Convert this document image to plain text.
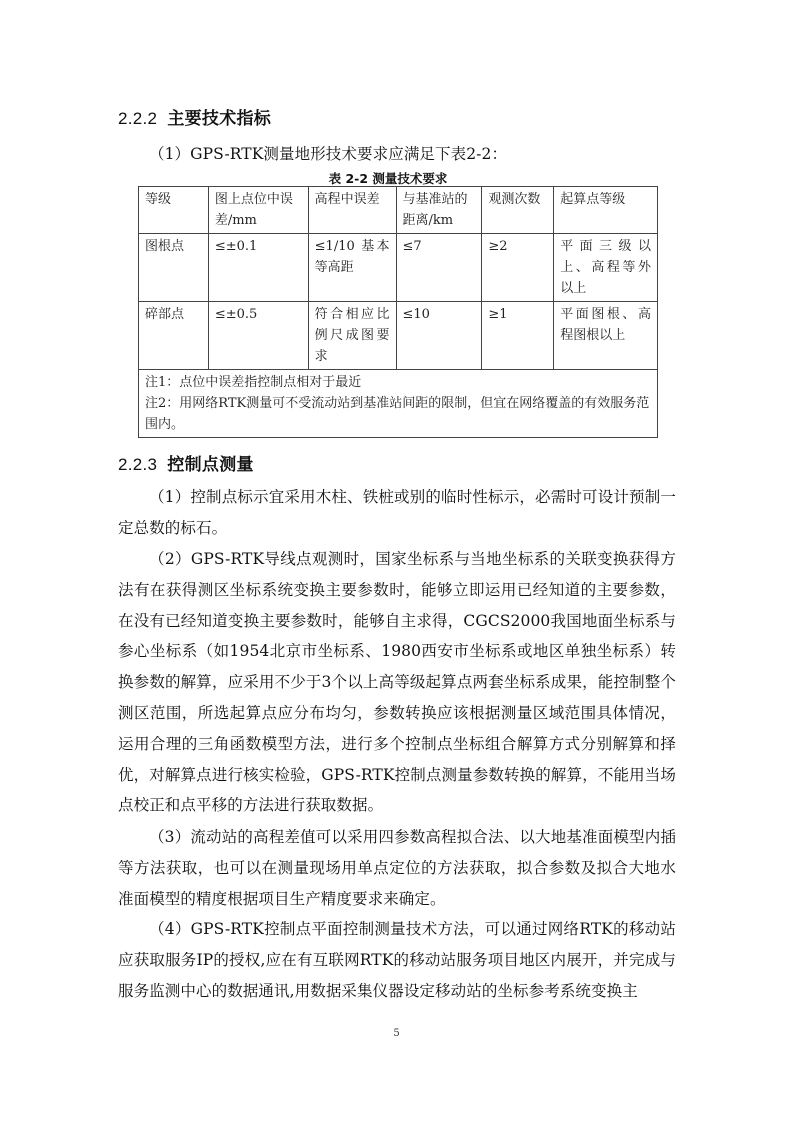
2.2.2 主要技术指标

（1）GPS-RTK测量地形技术要求应满足下表2-2：

表 2-2 测量技术要求
等级	图上点位中误差/mm	高程中误差	与基准站的距离/km	观测次数	起算点等级
图根点	≤±0.1	≤1/10 基本等高距	≤7	≥2	平面三级以上、高程等外以上
碎部点	≤±0.5	符合相应比例尺成图要求	≤10	≥1	平面图根、高程图根以上

注1：点位中误差指控制点相对于最近
注2：用网络RTK测量可不受流动站到基准站间距的限制，但宜在网络覆盖的有效服务范围内。					
2.2.3 控制点测量

（1）控制点标示宜采用木柱、铁桩或别的临时性标示，必需时可设计预制一定总数的标石。

（2）GPS-RTK导线点观测时，国家坐标系与当地坐标系的关联变换获得方法有在获得测区坐标系统变换主要参数时，能够立即运用已经知道的主要参数，在没有已经知道变换主要参数时，能够自主求得，CGCS2000我国地面坐标系与参心坐标系（如1954北京市坐标系、1980西安市坐标系或地区单独坐标系）转换参数的解算，应采用不少于3个以上高等级起算点两套坐标系成果，能控制整个测区范围，所选起算点应分布均匀，参数转换应该根据测量区域范围具体情况，运用合理的三角函数模型方法，进行多个控制点坐标组合解算方式分别解算和择优，对解算点进行核实检验，GPS-RTK控制点测量参数转换的解算，不能用当场点校正和点平移的方法进行获取数据。

（3）流动站的高程差值可以采用四参数高程拟合法、以大地基准面模型内插等方法获取，也可以在测量现场用单点定位的方法获取，拟合参数及拟合大地水准面模型的精度根据项目生产精度要求来确定。

（4）GPS-RTK控制点平面控制测量技术方法，可以通过网络RTK的移动站应获取服务IP的授权,应在有互联网RTK的移动站服务项目地区内展开，并完成与服务监测中心的数据通讯,用数据采集仪器设定移动站的坐标参考系统变换主

5
